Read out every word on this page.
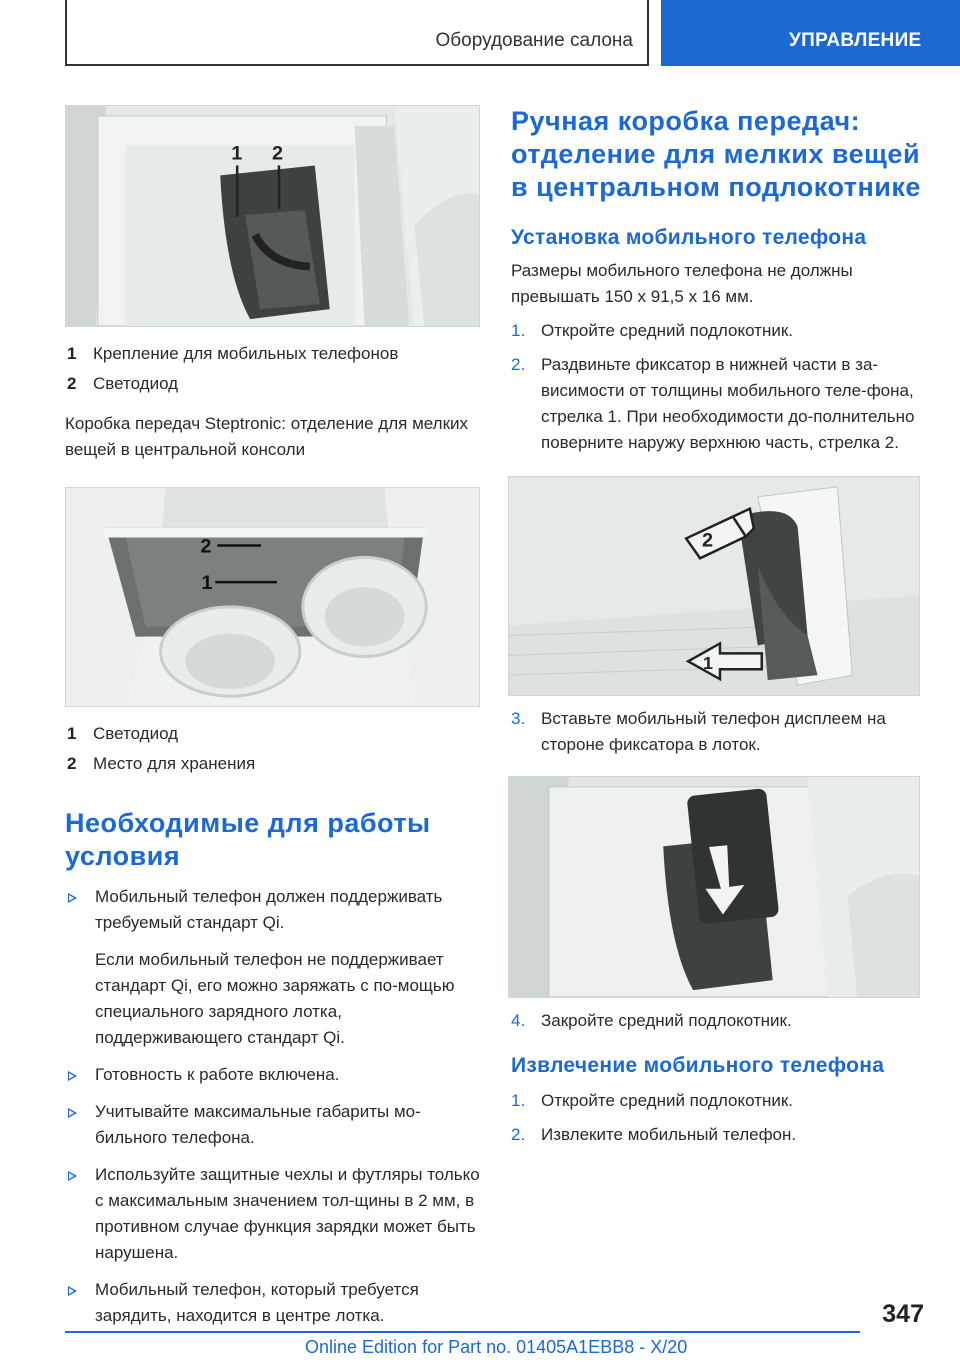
Оборудование салона	УПРАВЛЕНИЕ
1 2
1 Крепление для мобильных телефонов
2 Светодиод

Коробка передач Steptronic: отделение для мелких вещей в центральной консоли

2
1
1 Светодиод
2 Место для хранения
Необходимые для работы условия

Мобильный телефон должен поддерживать требуемый стандарт Qi.

Если мобильный телефон не поддерживает стандарт Qi, его можно заряжать с по-мощью специального зарядного лотка, поддерживающего стандарт Qi.

Готовность к работе включена.

Учитывайте максимальные габариты мо-бильного телефона.

Используйте защитные чехлы и футляры только с максимальным значением тол-щины в 2 мм, в противном случае функция зарядки может быть нарушена.

Мобильный телефон, который требуется зарядить, находится в центре лотка.

Ручная коробка передач: отделение для мелких вещей в центральном подлокотнике
Установка мобильного телефона

Размеры мобильного телефона не должны превышать 150 x 91,5 x 16 мм.

1. Откройте средний подлокотник.
2. Раздвиньте фиксатор в нижней части в за-висимости от толщины мобильного теле-фона, стрелка 1. При необходимости до-полнительно поверните наружу верхнюю часть, стрелка 2.
2
1
3. Вставьте мобильный телефон дисплеем на стороне фиксатора в лоток.
4. Закройте средний подлокотник.
Извлечение мобильного телефона
1. Откройте средний подлокотник.
2. Извлеките мобильный телефон.
347
Online Edition for Part no. 01405A1EBB8 - X/20
